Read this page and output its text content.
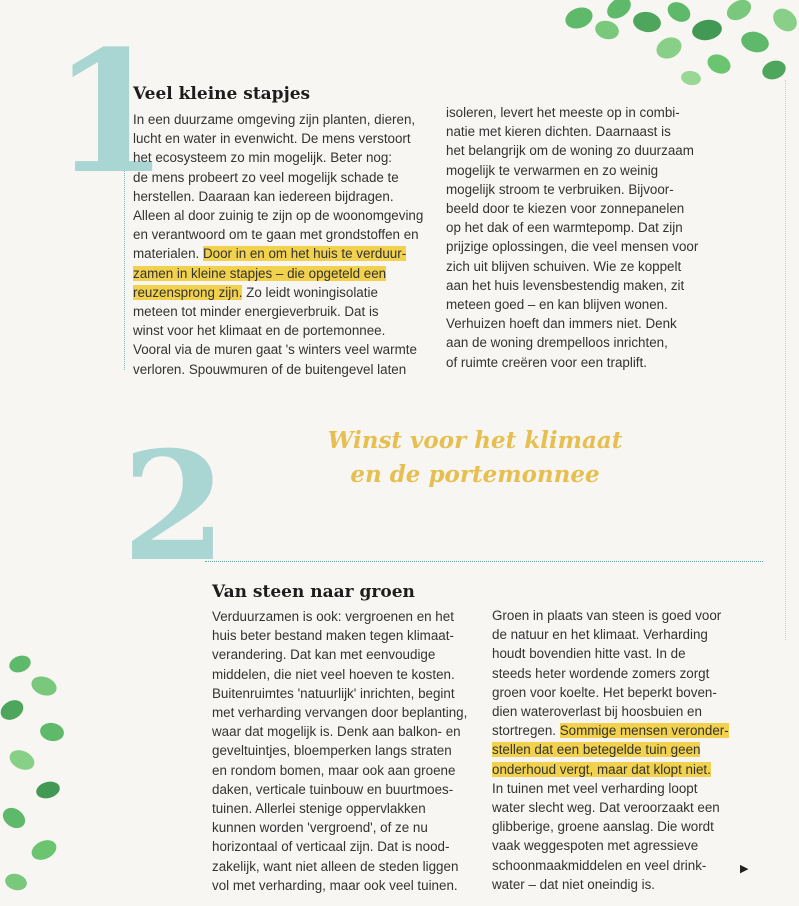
1
Veel kleine stapjes

In een duurzame omgeving zijn planten, dieren,

lucht en water in evenwicht. De mens verstoort

het ecosysteem zo min mogelijk. Beter nog:

de mens probeert zo veel mogelijk schade te

herstellen. Daaraan kan iedereen bijdragen.

Alleen al door zuinig te zijn op de woonomgeving

en verantwoord om te gaan met grondstoffen en

materialen. Door in en om het huis te verduur-

zamen in kleine stapjes – die opgeteld een

reuzensprong zijn. Zo leidt woningisolatie

meteen tot minder energieverbruik. Dat is

winst voor het klimaat en de portemonnee.

Vooral via de muren gaat 's winters veel warmte

verloren. Spouwmuren of de buitengevel laten

isoleren, levert het meeste op in combi-

natie met kieren dichten. Daarnaast is

het belangrijk om de woning zo duurzaam

mogelijk te verwarmen en zo weinig

mogelijk stroom te verbruiken. Bijvoor-

beeld door te kiezen voor zonnepanelen

op het dak of een warmtepomp. Dat zijn

prijzige oplossingen, die veel mensen voor

zich uit blijven schuiven. Wie ze koppelt

aan het huis levensbestendig maken, zit

meteen goed – en kan blijven wonen.

Verhuizen hoeft dan immers niet. Denk

aan de woning drempelloos inrichten,

of ruimte creëren voor een traplift.

Winst voor het klimaat
en de portemonnee
2
Van steen naar groen

Verduurzamen is ook: vergroenen en het

huis beter bestand maken tegen klimaat-

verandering. Dat kan met eenvoudige

middelen, die niet veel hoeven te kosten.

Buitenruimtes 'natuurlijk' inrichten, begint

met verharding vervangen door beplanting,

waar dat mogelijk is. Denk aan balkon- en

geveltuintjes, bloemperken langs straten

en rondom bomen, maar ook aan groene

daken, verticale tuinbouw en buurtmoes-

tuinen. Allerlei stenige oppervlakken

kunnen worden 'vergroend', of ze nu

horizontaal of verticaal zijn. Dat is nood-

zakelijk, want niet alleen de steden liggen

vol met verharding, maar ook veel tuinen.

Groen in plaats van steen is goed voor

de natuur en het klimaat. Verharding

houdt bovendien hitte vast. In de

steeds heter wordende zomers zorgt

groen voor koelte. Het beperkt boven-

dien wateroverlast bij hoosbuien en

stortregen. Sommige mensen veronder-

stellen dat een betegelde tuin geen

onderhoud vergt, maar dat klopt niet.

In tuinen met veel verharding loopt

water slecht weg. Dat veroorzaakt een

glibberige, groene aanslag. Die wordt

vaak weggespoten met agressieve

schoonmaakmiddelen en veel drink-

water – dat niet oneindig is.

▶
